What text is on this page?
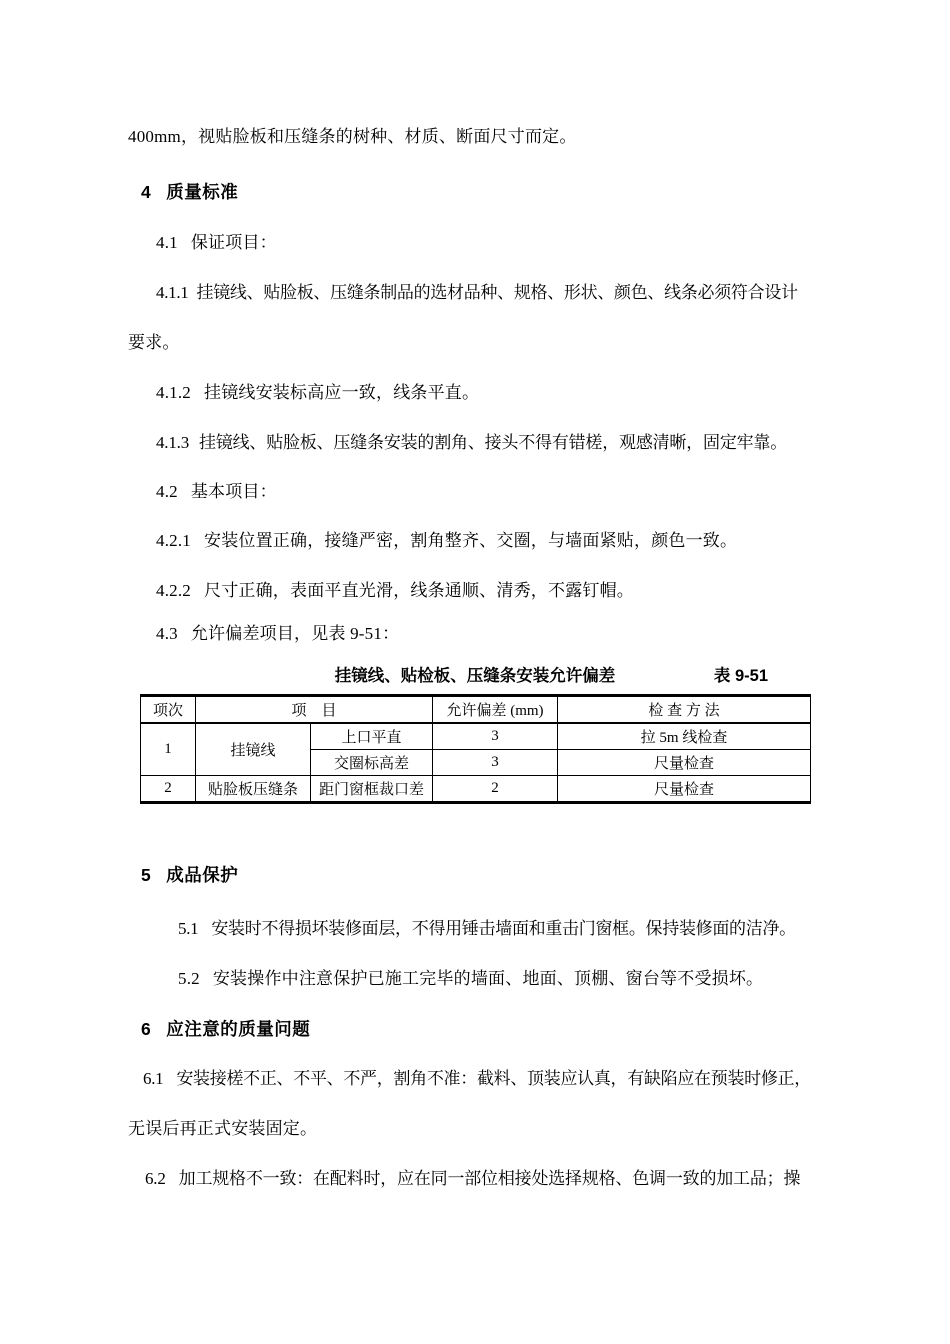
400mm，视贴脸板和压缝条的树种、材质、断面尺寸而定。
4 质量标准
4.1 保证项目：
4.1.1 挂镜线、贴脸板、压缝条制品的选材品种、规格、形状、颜色、线条必须符合设计
要求。
4.1.2 挂镜线安装标高应一致，线条平直。
4.1.3 挂镜线、贴脸板、压缝条安装的割角、接头不得有错槎，观感清晰，固定牢靠。
4.2 基本项目：
4.2.1 安装位置正确，接缝严密，割角整齐、交圈，与墙面紧贴，颜色一致。
4.2.2 尺寸正确，表面平直光滑，线条通顺、清秀，不露钉帽。
4.3 允许偏差项目，见表 9-51：
挂镜线、贴检板、压缝条安装允许偏差	表 9-51
项次	项　目		允许偏差 (mm)	检 查 方 法
1	挂镜线	上口平直	3	拉 5m 线检查
		交圈标高差	3	尺量检查
2	贴脸板压缝条	距门窗框裁口差	2	尺量检查
5 成品保护
5.1 安装时不得损坏装修面层，不得用锤击墙面和重击门窗框。保持装修面的洁净。
5.2 安装操作中注意保护已施工完毕的墙面、地面、顶棚、窗台等不受损坏。
6 应注意的质量问题
6.1 安装接槎不正、不平、不严，割角不准：截料、顶装应认真，有缺陷应在预装时修正，
无误后再正式安装固定。
6.2 加工规格不一致：在配料时，应在同一部位相接处选择规格、色调一致的加工品；操
